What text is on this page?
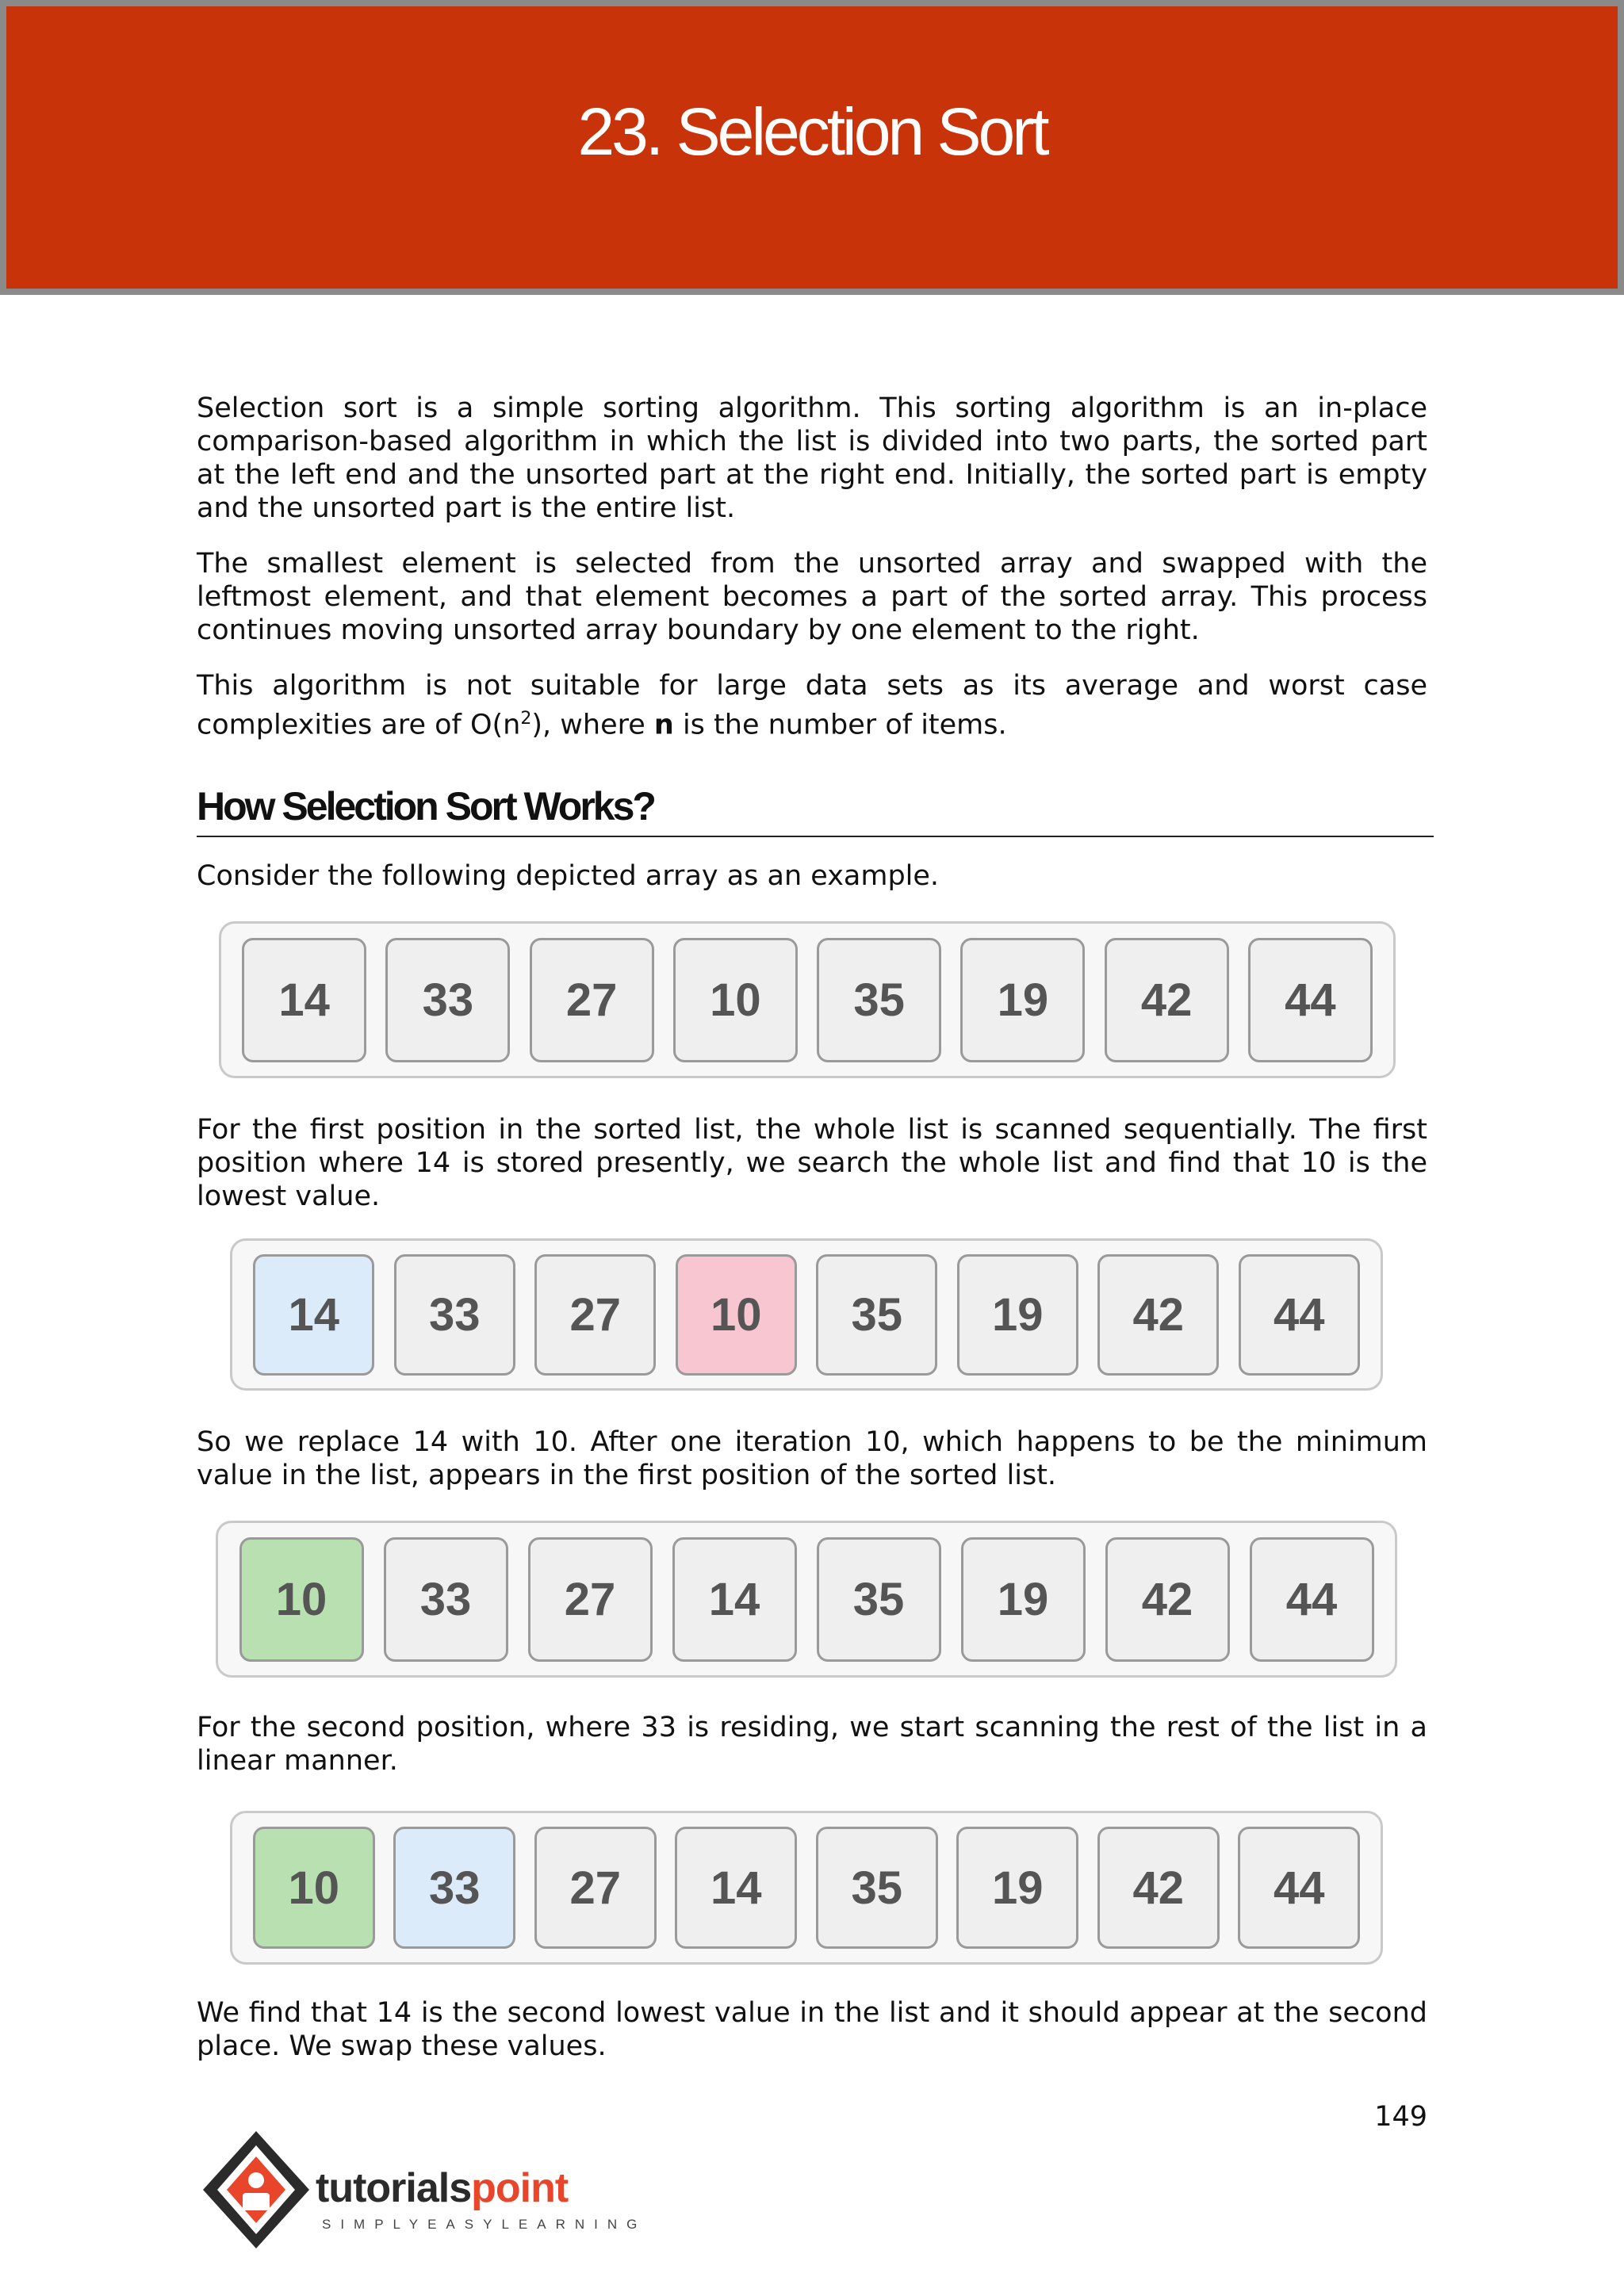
23. Selection Sort

Selection sort is a simple sorting algorithm. This sorting algorithm is an in-place comparison-based algorithm in which the list is divided into two parts, the sorted part at the left end and the unsorted part at the right end. Initially, the sorted part is empty and the unsorted part is the entire list.

The smallest element is selected from the unsorted array and swapped with the leftmost element, and that element becomes a part of the sorted array. This process continues moving unsorted array boundary by one element to the right.

This algorithm is not suitable for large data sets as its average and worst case complexities are of $O(n^2)$, where n is the number of items.

How Selection Sort Works?

Consider the following depicted array as an example.

14	33	27	10	35	19	42	44

For the first position in the sorted list, the whole list is scanned sequentially. The first position where 14 is stored presently, we search the whole list and find that 10 is the lowest value.

14	33	27	10	35	19	42	44

So we replace 14 with 10. After one iteration 10, which happens to be the minimum value in the list, appears in the first position of the sorted list.

10	33	27	14	35	19	42	44

For the second position, where 33 is residing, we start scanning the rest of the list in a linear manner.

10	33	27	14	35	19	42	44

We find that 14 is the second lowest value in the list and it should appear at the second place. We swap these values.

149
tutorialspoint
SIMPLYEASYLEARNING
